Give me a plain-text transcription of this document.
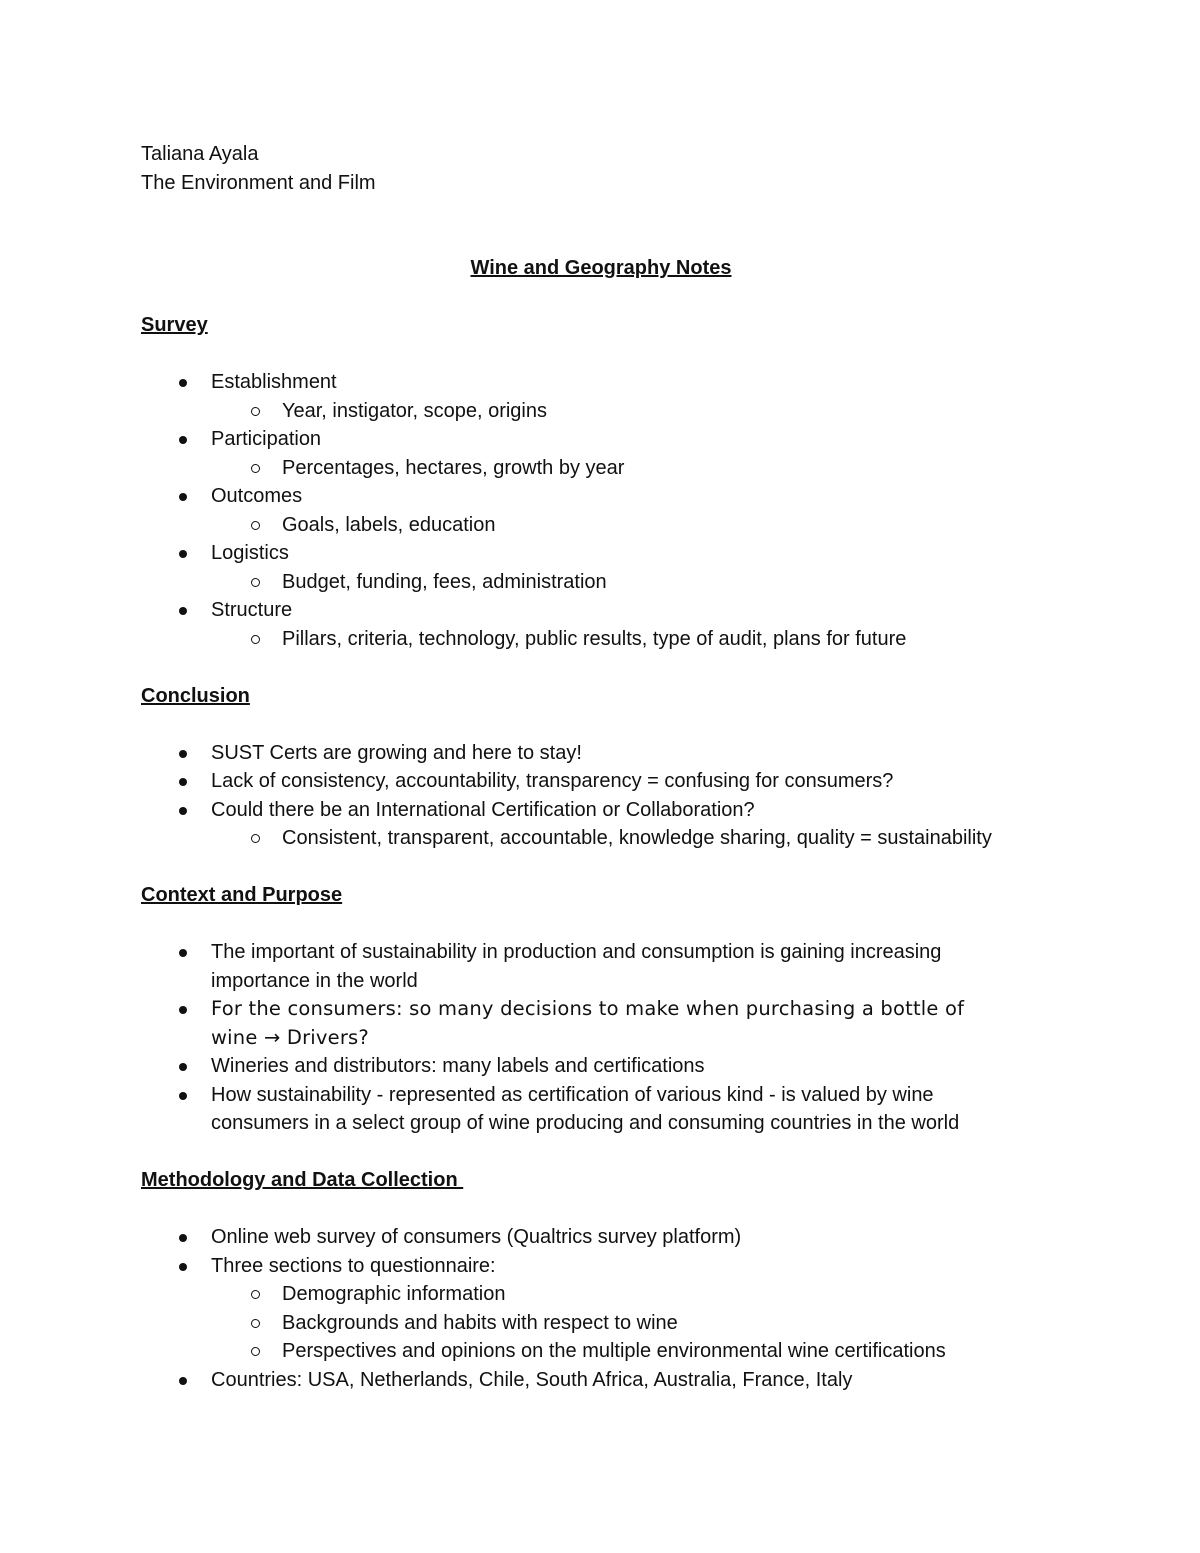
Taliana Ayala

The Environment and Film

Wine and Geography Notes

Survey

Establishment
Year, instigator, scope, origins
Participation
Percentages, hectares, growth by year
Outcomes
Goals, labels, education
Logistics
Budget, funding, fees, administration
Structure
Pillars, criteria, technology, public results, type of audit, plans for future

Conclusion

SUST Certs are growing and here to stay!
Lack of consistency, accountability, transparency = confusing for consumers?
Could there be an International Certification or Collaboration?
Consistent, transparent, accountable, knowledge sharing, quality = sustainability

Context and Purpose

The important of sustainability in production and consumption is gaining increasing
importance in the world
For the consumers: so many decisions to make when purchasing a bottle of
wine → Drivers?
Wineries and distributors: many labels and certifications
How sustainability - represented as certification of various kind - is valued by wine
consumers in a select group of wine producing and consuming countries in the world

Methodology and Data Collection

Online web survey of consumers (Qualtrics survey platform)
Three sections to questionnaire:
Demographic information
Backgrounds and habits with respect to wine
Perspectives and opinions on the multiple environmental wine certifications
Countries: USA, Netherlands, Chile, South Africa, Australia, France, Italy
